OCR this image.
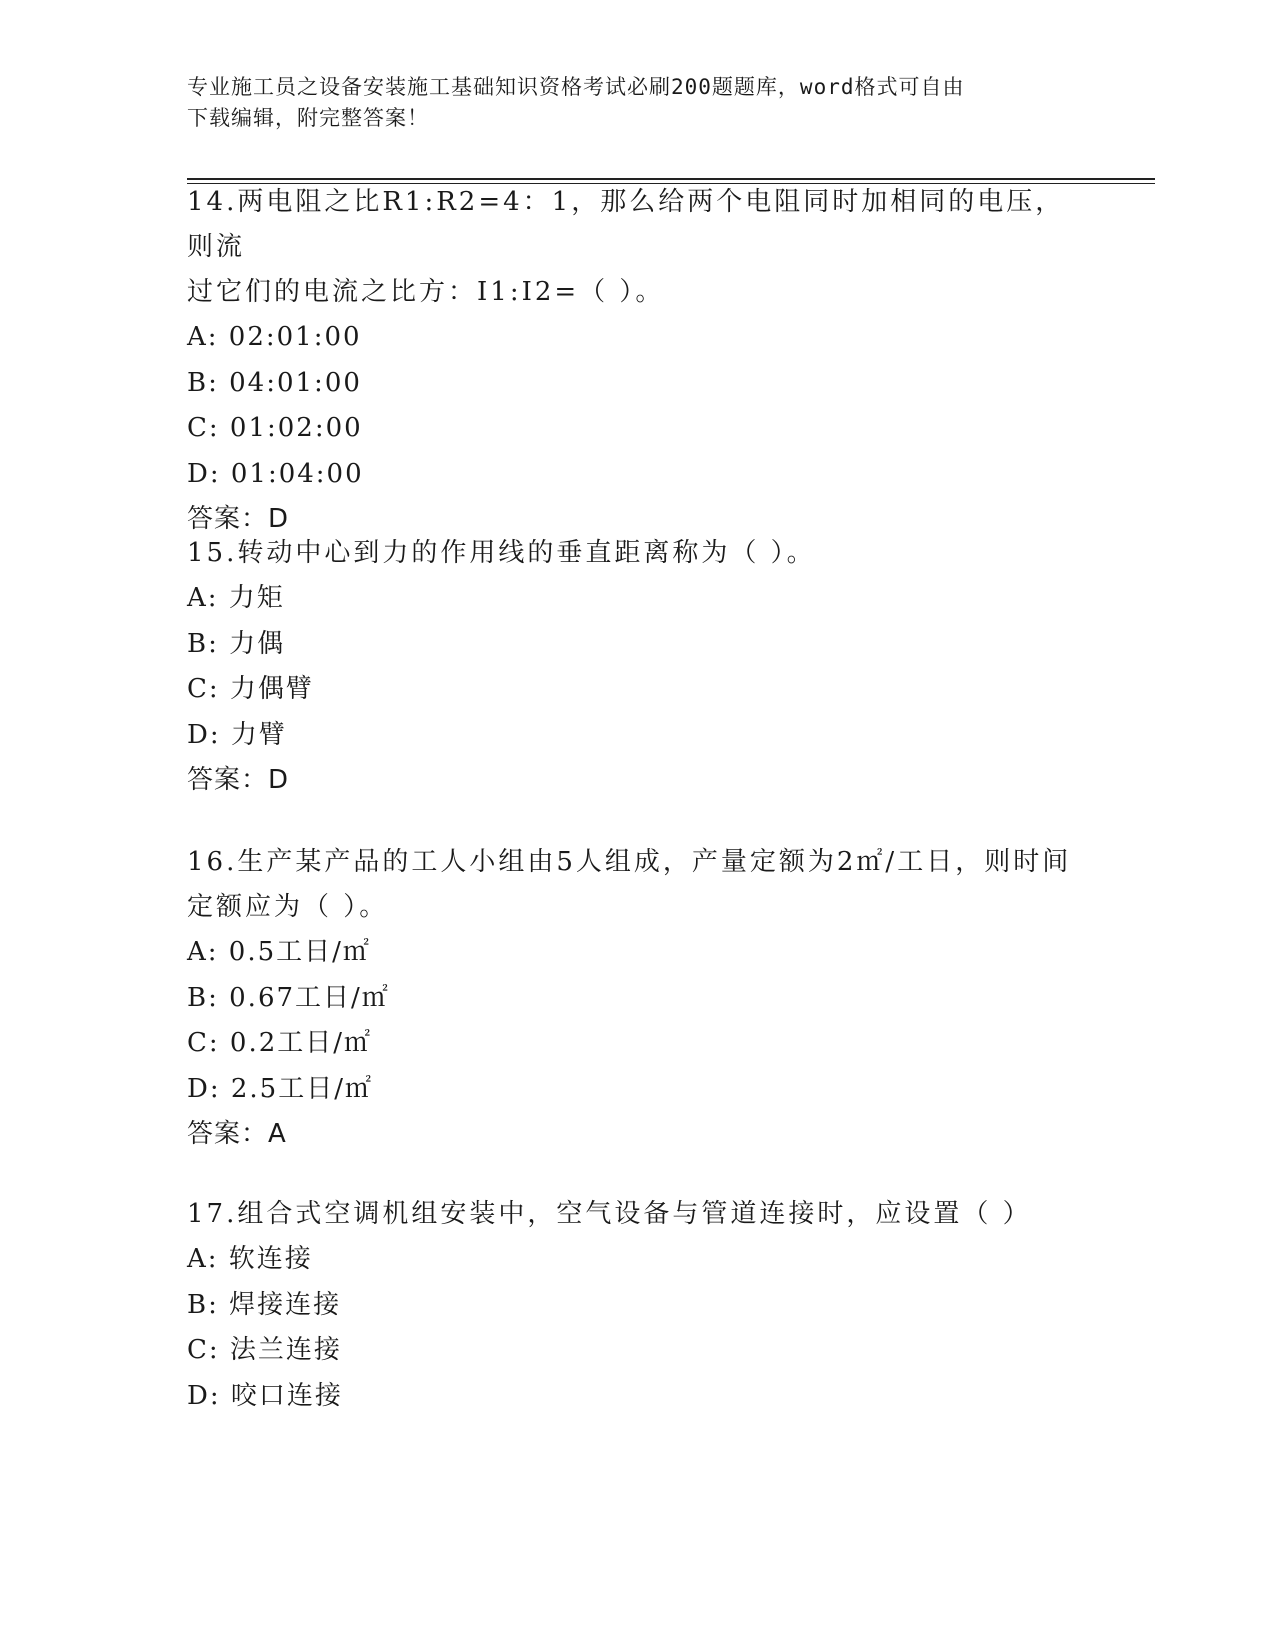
专业施工员之设备安装施工基础知识资格考试必刷200题题库，word格式可自由
下载编辑，附完整答案！

14.两电阻之比R1:R2=4：1，那么给两个电阻同时加相同的电压，则流

过它们的电流之比方：I1:I2=（ ）。

A: 02:01:00

B: 04:01:00

C: 01:02:00

D: 01:04:00

答案：D

15.转动中心到力的作用线的垂直距离称为（ ）。

A: 力矩

B: 力偶

C: 力偶臂

D: 力臂

答案：D

16.生产某产品的工人小组由5人组成，产量定额为2㎡/工日，则时间

定额应为（ ）。

A: 0.5工日/㎡

B: 0.67工日/㎡

C: 0.2工日/㎡

D: 2.5工日/㎡

答案：A

17.组合式空调机组安装中，空气设备与管道连接时，应设置（ ）

A: 软连接

B: 焊接连接

C: 法兰连接

D: 咬口连接
